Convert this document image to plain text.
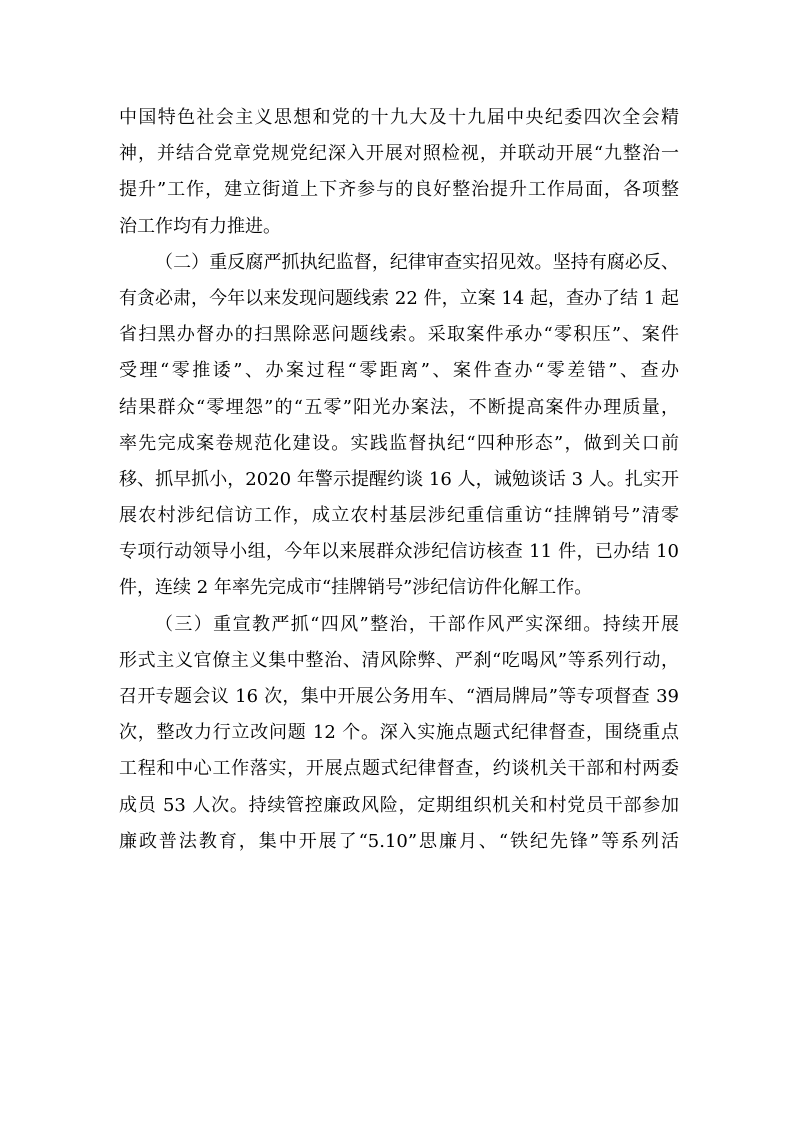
中国特色社会主义思想和党的十九大及十九届中央纪委四次全会精
神，并结合党章党规党纪深入开展对照检视，并联动开展“九整治一
提升”工作，建立街道上下齐参与的良好整治提升工作局面，各项整
治工作均有力推进。
（二）重反腐严抓执纪监督，纪律审查实招见效。坚持有腐必反、
有贪必肃，今年以来发现问题线索 22 件，立案 14 起，查办了结 1 起
省扫黑办督办的扫黑除恶问题线索。采取案件承办“零积压”、案件
受理“零推诿”、办案过程“零距离”、案件查办“零差错”、查办
结果群众“零埋怨”的“五零”阳光办案法，不断提高案件办理质量，
率先完成案卷规范化建设。实践监督执纪“四种形态”，做到关口前
移、抓早抓小，2020 年警示提醒约谈 16 人，诫勉谈话 3 人。扎实开
展农村涉纪信访工作，成立农村基层涉纪重信重访“挂牌销号”清零
专项行动领导小组，今年以来展群众涉纪信访核查 11 件，已办结 10
件，连续 2 年率先完成市“挂牌销号”涉纪信访件化解工作。
（三）重宣教严抓“四风”整治，干部作风严实深细。持续开展
形式主义官僚主义集中整治、清风除弊、严刹“吃喝风”等系列行动，
召开专题会议 16 次，集中开展公务用车、“酒局牌局”等专项督查 39
次，整改力行立改问题 12 个。深入实施点题式纪律督查，围绕重点
工程和中心工作落实，开展点题式纪律督查，约谈机关干部和村两委
成员 53 人次。持续管控廉政风险，定期组织机关和村党员干部参加
廉政普法教育，集中开展了“5.10”思廉月、“铁纪先锋”等系列活
